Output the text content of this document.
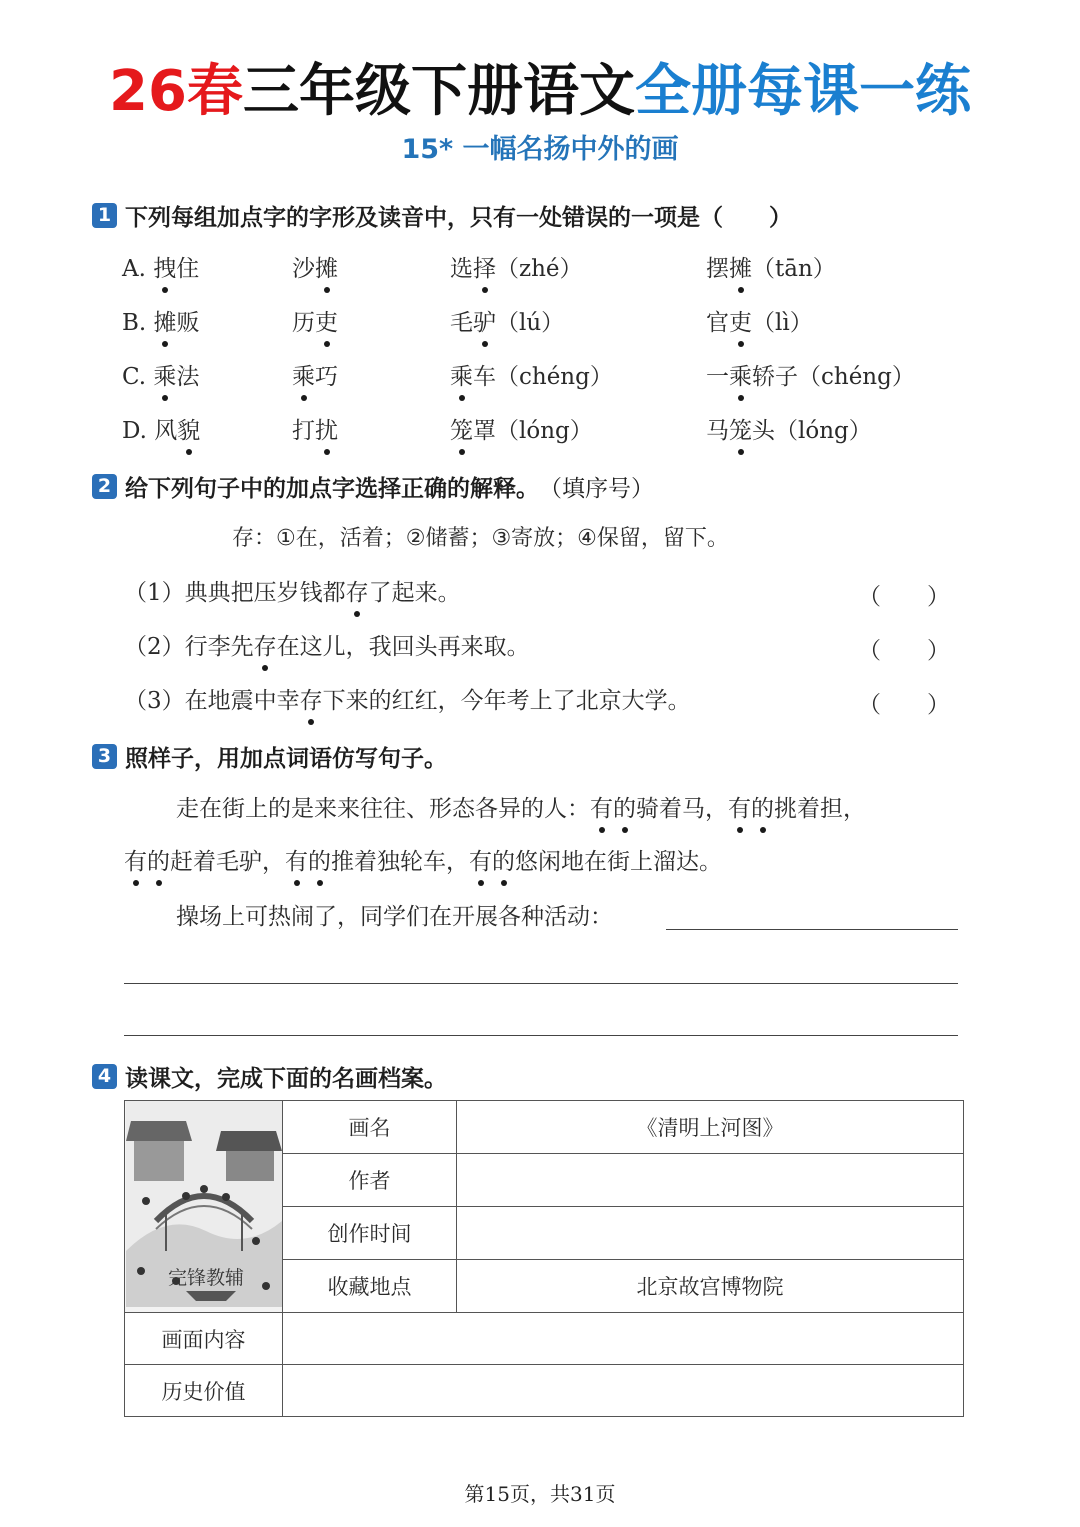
26春三年级下册语文全册每课一练
15* 一幅名扬中外的画
1 下列每组加点字的字形及读音中，只有一处错误的一项是（　　）
A. 拽住	沙摊	选择（zhé）	摆摊（tān）
B. 摊贩	历吏	毛驴（lú）	官吏（lì）
C. 乘法	乘巧	乘车（chéng）	一乘轿子（chéng）
D. 风貌	打扰	笼罩（lóng）	马笼头（lóng）
2 给下列句子中的加点字选择正确的解释。 （填序号）
存：①在，活着；②储蓄；③寄放；④保留，留下。
（1）典典把压岁钱都存了起来。	（　　）
（2）行李先存在这儿，我回头再来取。	（　　）
（3）在地震中幸存下来的红红，今年考上了北京大学。	（　　）
3 照样子，用加点词语仿写句子。
走在街上的是来来往往、形态各异的人：有的骑着马，有的挑着担，
有的赶着毛驴，有的推着独轮车，有的悠闲地在街上溜达。
操场上可热闹了，同学们在开展各种活动：
4 读课文，完成下面的名画档案。
	画名	《清明上河图》
	作者	
	创作时间	
	收藏地点	北京故宫博物院
画面内容		
历史价值		
完锋教辅
第15页，共31页
